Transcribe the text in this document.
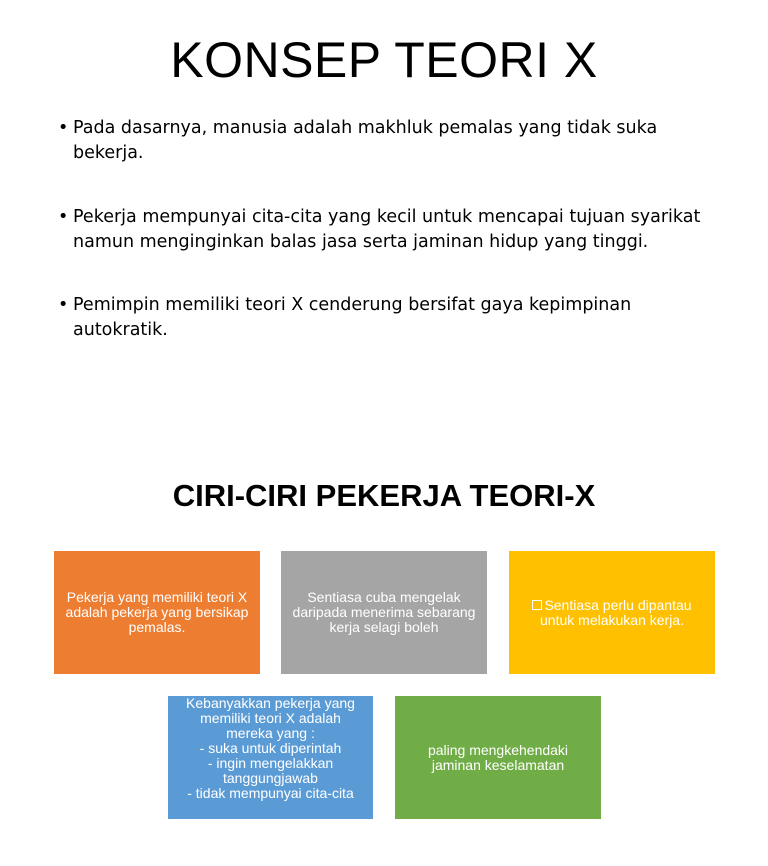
KONSEP TEORI X
• Pada dasarnya, manusia adalah makhluk pemalas yang tidak suka bekerja.
• Pekerja mempunyai cita-cita yang kecil untuk mencapai tujuan syarikat namun menginginkan balas jasa serta jaminan hidup yang tinggi.
• Pemimpin memiliki teori X cenderung bersifat gaya kepimpinan autokratik.
CIRI-CIRI PEKERJA TEORI-X
Pekerja yang memiliki teori X adalah pekerja yang bersikap pemalas.
Sentiasa cuba mengelak daripada menerima sebarang kerja selagi boleh
Sentiasa perlu dipantau untuk melakukan kerja.
Kebanyakkan pekerja yang memiliki teori X adalah mereka yang :
- suka untuk diperintah
- ingin mengelakkan tanggungjawab
- tidak mempunyai cita-cita
paling mengkehendaki jaminan keselamatan
